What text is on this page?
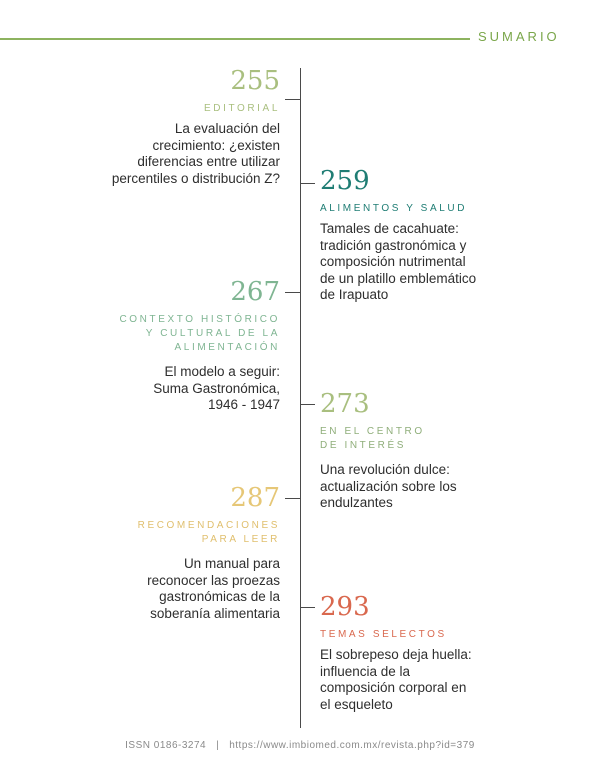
SUMARIO
255
EDITORIAL
La evaluación del
crecimiento: ¿existen
diferencias entre utilizar
percentiles o distribución Z? 259
ALIMENTOS Y SALUD
Tamales de cacahuate:
tradición gastronómica y
composición nutrimental
de un platillo emblemático
de Irapuato
267
CONTEXTO HISTÓRICO
Y CULTURAL DE LA
ALIMENTACIÓN
El modelo a seguir:
Suma Gastronómica,
1946 - 1947 273
EN EL CENTRO
DE INTERÉS
Una revolución dulce:
actualización sobre los
endulzantes
287
RECOMENDACIONES
PARA LEER
Un manual para
reconocer las proezas
gastronómicas de la
soberanía alimentaria 293
TEMAS SELECTOS
El sobrepeso deja huella:
influencia de la
composición corporal en
el esqueleto
ISSN 0186-3274 | https://www.imbiomed.com.mx/revista.php?id=379
